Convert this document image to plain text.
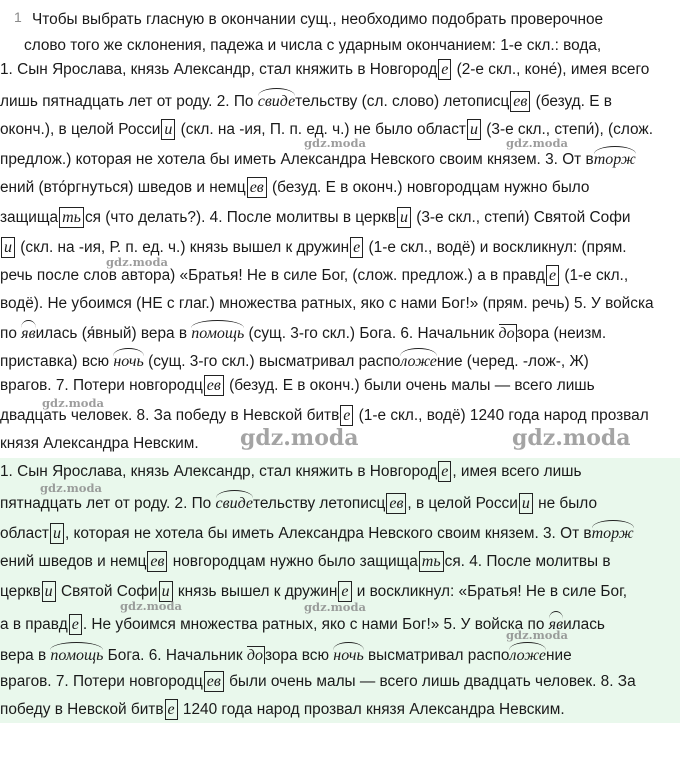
1 Чтобы выбрать гласную в окончании сущ., необходимо подобрать проверочное
слово того же склонения, падежа и числа с ударным окончанием: 1-е скл.: вода,
1. Сын Ярослава, князь Александр, стал княжить в Новгород е (2-е скл., коне́), имея всего
лишь пятнадцать лет от роду. 2. По свидетельству (сл. слово) летописц ев (безуд. Е в
оконч.), в целой Росси и (скл. на -ия, П. п. ед. ч.) не было област и (3-е скл., степи́), (слож.
предлож.) которая не хотела бы иметь Александра Невского своим князем. 3. От вторж
ений (вто́ргнуться) шведов и немц ев (безуд. Е в оконч.) новгородцам нужно было
защища ть ся (что делать?). 4. После молитвы в церкв и (3-е скл., степи́) Святой Софи
и (скл. на -ия, Р. п. ед. ч.) князь вышел к дружин е (1-е скл., водё) и воскликнул: (прям.
речь после слов автора) «Братья! Не в силе Бог, (слож. предлож.) а в правд е (1-е скл.,
водё). Не убоимся (НЕ с глаг.) множества ратных, яко с нами Бог!» (прям. речь) 5. У войска
по явилась (я́вный) вера в помощь (сущ. 3-го скл.) Бога. 6. Начальник до зора (неизм.
приставка) всю ночь (сущ. 3-го скл.) высматривал расположение (черед. -лож-, Ж)
врагов. 7. Потери новгородц ев (безуд. Е в оконч.) были очень малы — всего лишь
двадцать человек. 8. За победу в Невской битв е (1-е скл., водё) 1240 года народ прозвал
князя Александра Невским.
1. Сын Ярослава, князь Александр, стал княжить в Новгород е , имея всего лишь
пятнадцать лет от роду. 2. По свидетельству летописц ев , в целой Росси и не было
област и , которая не хотела бы иметь Александра Невского своим князем. 3. От вторж
ений шведов и немц ев новгородцам нужно было защища ть ся. 4. После молитвы в
церкв и Святой Софи и князь вышел к дружин е и воскликнул: «Братья! Не в силе Бог,
а в правд е . Не убоимся множества ратных, яко с нами Бог!» 5. У войска по явилась
вера в помощь Бога. 6. Начальник до зора всю ночь высматривал расположение
врагов. 7. Потери новгородц ев были очень малы — всего лишь двадцать человек. 8. За
победу в Невской битв е 1240 года народ прозвал князя Александра Невским.
gdz.moda	gdz.moda
gdz.moda
gdz.moda
gdz.moda	gdz.moda
gdz.moda
gdz.moda
gdz.moda
gdz.moda
